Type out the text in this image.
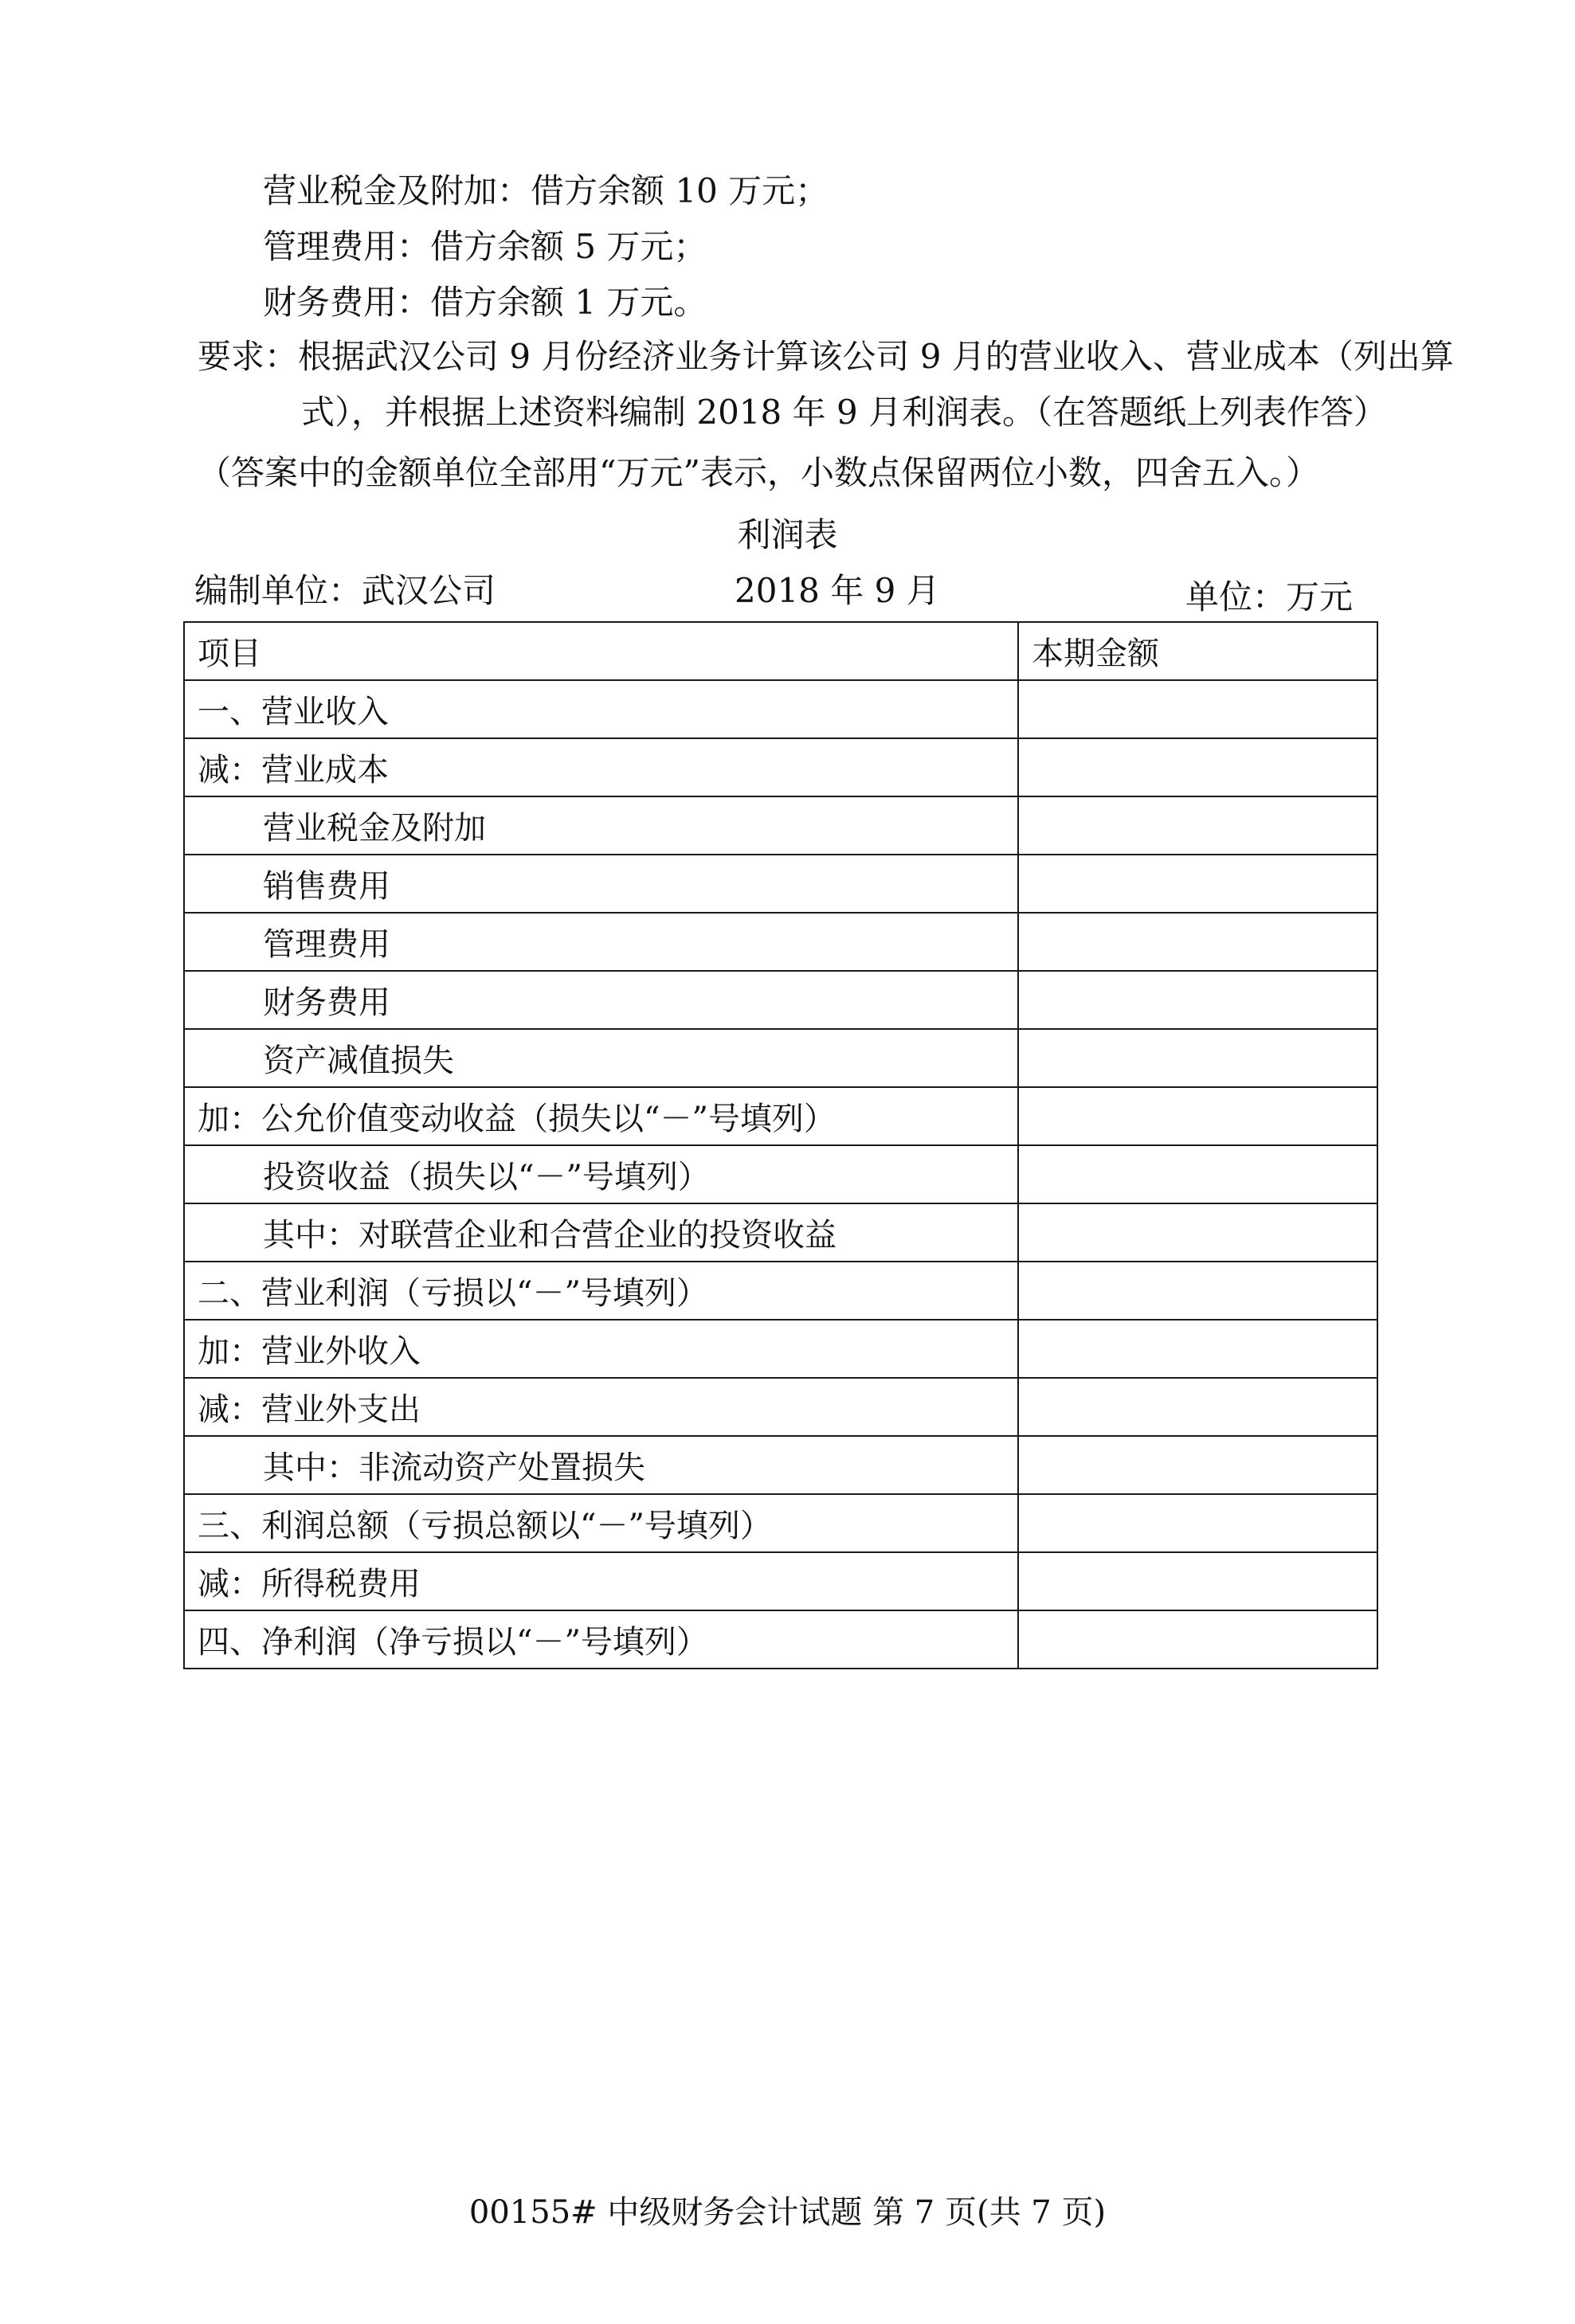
营业税金及附加：借方余额 10 万元；
管理费用：借方余额 5 万元；
财务费用：借方余额 1 万元。
要求：根据武汉公司 9 月份经济业务计算该公司 9 月的营业收入、营业成本（列出算
式），并根据上述资料编制 2018 年 9 月利润表。（在答题纸上列表作答）
（答案中的金额单位全部用“万元”表示，小数点保留两位小数，四舍五入。）
利润表
编制单位：武汉公司	2018 年 9 月	单位：万元
项目	本期金额
一、营业收入	
减：营业成本	
营业税金及附加	
销售费用	
管理费用	
财务费用	
资产减值损失	
加：公允价值变动收益（损失以“－”号填列）	
投资收益（损失以“－”号填列）	
其中：对联营企业和合营企业的投资收益	
二、营业利润（亏损以“－”号填列）	
加：营业外收入	
减：营业外支出	
其中：非流动资产处置损失	
三、利润总额（亏损总额以“－”号填列）	
减：所得税费用	
四、净利润（净亏损以“－”号填列）	
00155# 中级财务会计试题 第 7 页(共 7 页)
